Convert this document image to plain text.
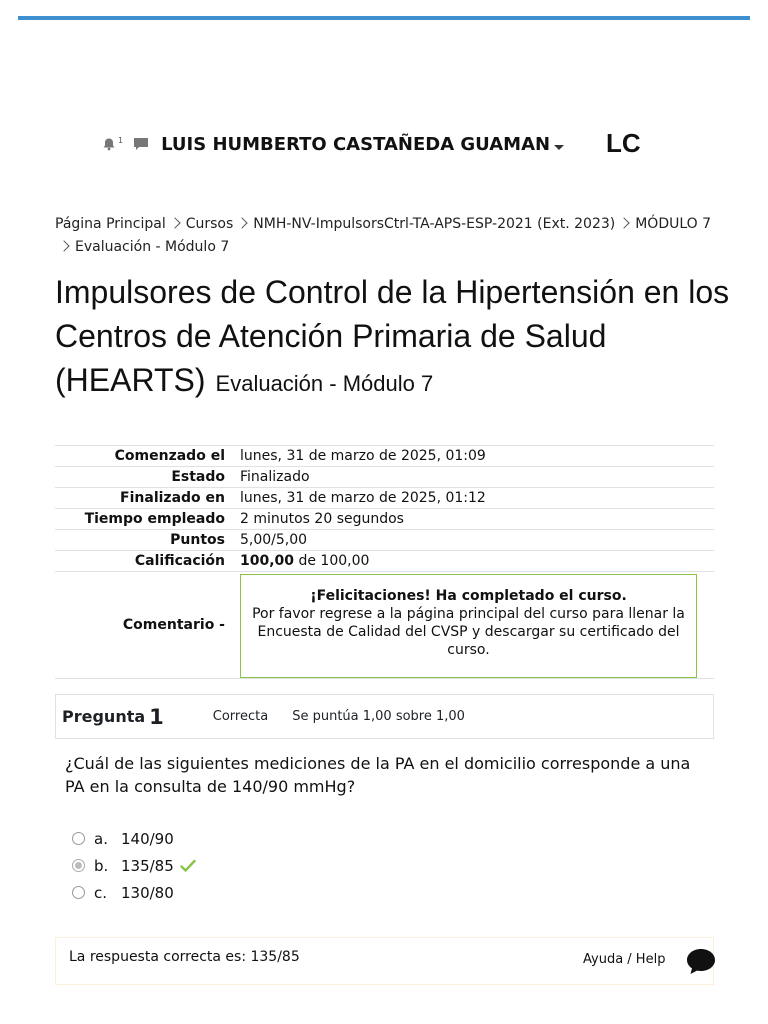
1 LUIS HUMBERTO CASTAÑEDA GUAMAN LC
Página Principal Cursos NMH-NV-ImpulsorsCtrl-TA-APS-ESP-2021 (Ext. 2023) MÓDULO 7Evaluación - Módulo 7
Impulsores de Control de la Hipertensión en los Centros de Atención Primaria de Salud (HEARTS) Evaluación - Módulo 7
Comenzado el	lunes, 31 de marzo de 2025, 01:09
Estado	Finalizado
Finalizado en	lunes, 31 de marzo de 2025, 01:12
Tiempo empleado	2 minutos 20 segundos
Puntos	5,00/5,00
Calificación	100,00 de 100,00
Comentario -	¡Felicitaciones! Ha completado el curso.
Por favor regrese a la página principal del curso para llenar la Encuesta de Calidad del CVSP y descargar su certificado del curso.
Pregunta 1	Correcta Se puntúa 1,00 sobre 1,00
¿Cuál de las siguientes mediciones de la PA en el domicilio corresponde a una PA en la consulta de 140/90 mmHg?
a. 140/90
b. 135/85
c. 130/80
La respuesta correcta es: 135/85	Ayuda / Help
